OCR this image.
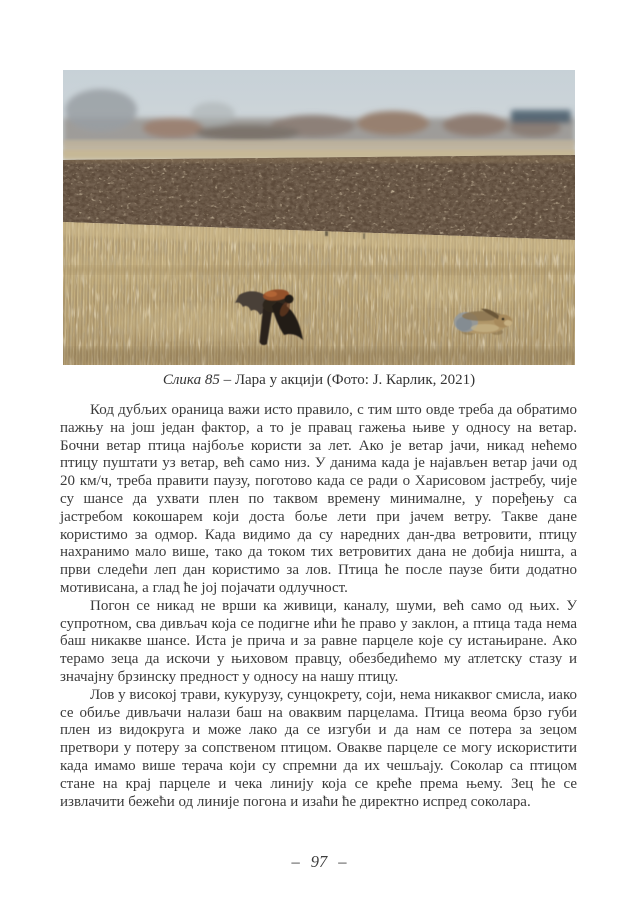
Слика 85 – Лара у акцији (Фото: Ј. Карлик, 2021)

Код дубљих ораница важи исто правило, с тим што овде треба да обратимо пажњу на још један фактор, а то је правац гажења њиве у односу на ветар. Бочни ветар птица најбоље користи за лет. Ако је ветар јачи, никад нећемо птицу пуштати уз ветар, већ само низ. У данима када је најављен ветар јачи од 20 км/ч, треба правити паузу, поготово када се ради о Харисовом јастребу, чије су шансе да ухвати плен по таквом времену минималне, у поређењу са јастребом кокошарем који доста боље лети при јачем ветру. Такве дане користимо за одмор. Када видимо да су наредних дан-два ветровити, птицу нахранимо мало више, тако да током тих ветровитих дана не добија ништа, а први следећи леп дан користимо за лов. Птица ће после паузе бити додатно мотивисана, а глад ће јој појачати одлучност.

Погон се никад не врши ка живици, каналу, шуми, већ само од њих. У супротном, сва дивљач која се подигне ићи ће право у заклон, а птица тада нема баш никакве шансе. Иста је прича и за равне парцеле које су истањиране. Ако терамо зеца да искочи у њиховом правцу, обезбедићемо му атлетску стазу и значајну брзинску предност у односу на нашу птицу.

Лов у високој трави, кукурузу, сунцокрету, соји, нема никаквог смисла, иако се обиље дивљачи налази баш на оваквим парцелама. Птица веома брзо губи плен из видокруга и може лако да се изгуби и да нам се потера за зецом претвори у потеру за сопственом птицом. Овакве парцеле се могу искористити када имамо више терача који су спремни да их чешљају. Соколар са птицом стане на крај парцеле и чека линију која се креће према њему. Зец ће се извлачити бежећи од линије погона и изаћи ће директно испред соколара.

– 97 –
